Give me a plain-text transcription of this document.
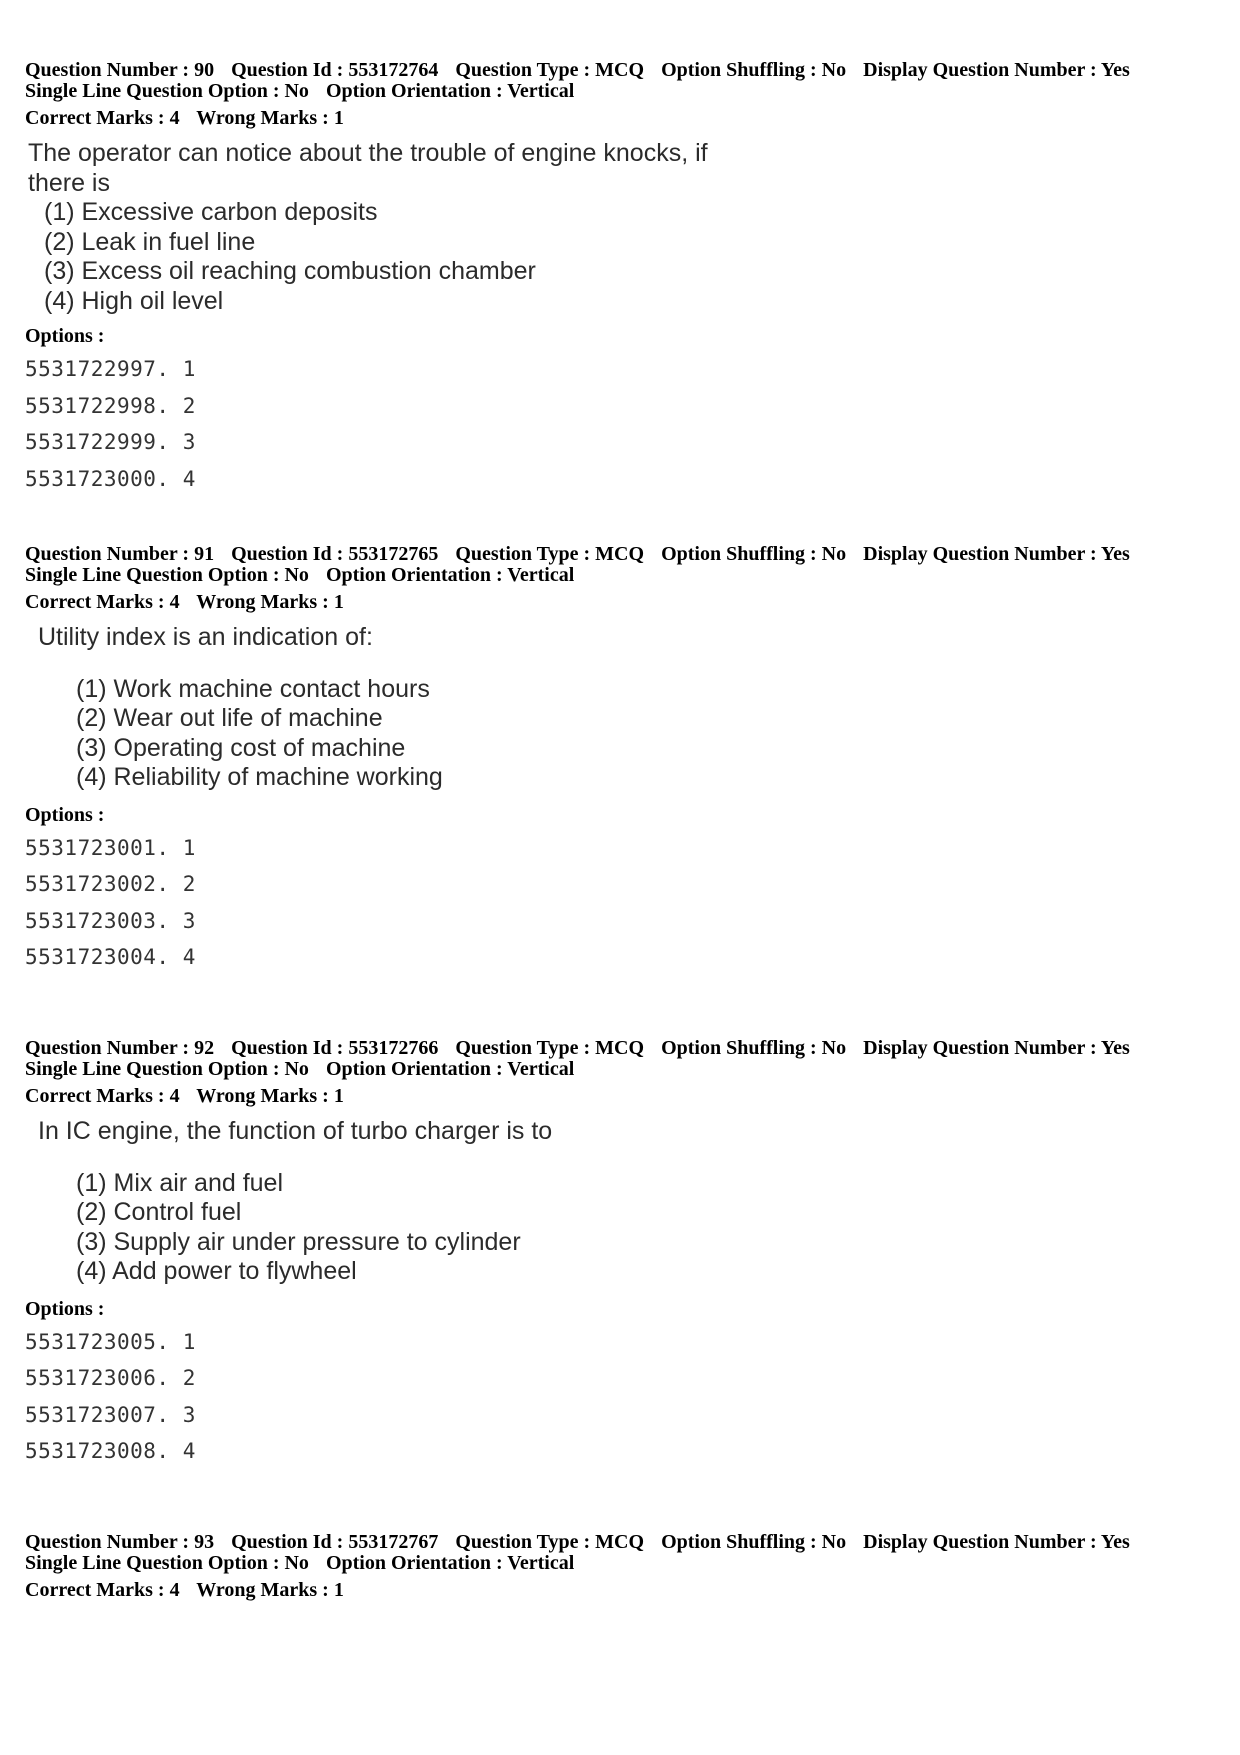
Question Number : 90 Question Id : 553172764 Question Type : MCQ Option Shuffling : No Display Question Number : Yes
Single Line Question Option : No Option Orientation : Vertical
Correct Marks : 4 Wrong Marks : 1
The operator can notice about the trouble of engine knocks, if
there is
(1) Excessive carbon deposits
(2) Leak in fuel line
(3) Excess oil reaching combustion chamber
(4) High oil level
Options :
5531722997. 1
5531722998. 2
5531722999. 3
5531723000. 4
Question Number : 91 Question Id : 553172765 Question Type : MCQ Option Shuffling : No Display Question Number : Yes
Single Line Question Option : No Option Orientation : Vertical
Correct Marks : 4 Wrong Marks : 1
Utility index is an indication of:
(1) Work machine contact hours
(2) Wear out life of machine
(3) Operating cost of machine
(4) Reliability of machine working
Options :
5531723001. 1
5531723002. 2
5531723003. 3
5531723004. 4
Question Number : 92 Question Id : 553172766 Question Type : MCQ Option Shuffling : No Display Question Number : Yes
Single Line Question Option : No Option Orientation : Vertical
Correct Marks : 4 Wrong Marks : 1
In IC engine, the function of turbo charger is to
(1) Mix air and fuel
(2) Control fuel
(3) Supply air under pressure to cylinder
(4) Add power to flywheel
Options :
5531723005. 1
5531723006. 2
5531723007. 3
5531723008. 4
Question Number : 93 Question Id : 553172767 Question Type : MCQ Option Shuffling : No Display Question Number : Yes
Single Line Question Option : No Option Orientation : Vertical
Correct Marks : 4 Wrong Marks : 1
